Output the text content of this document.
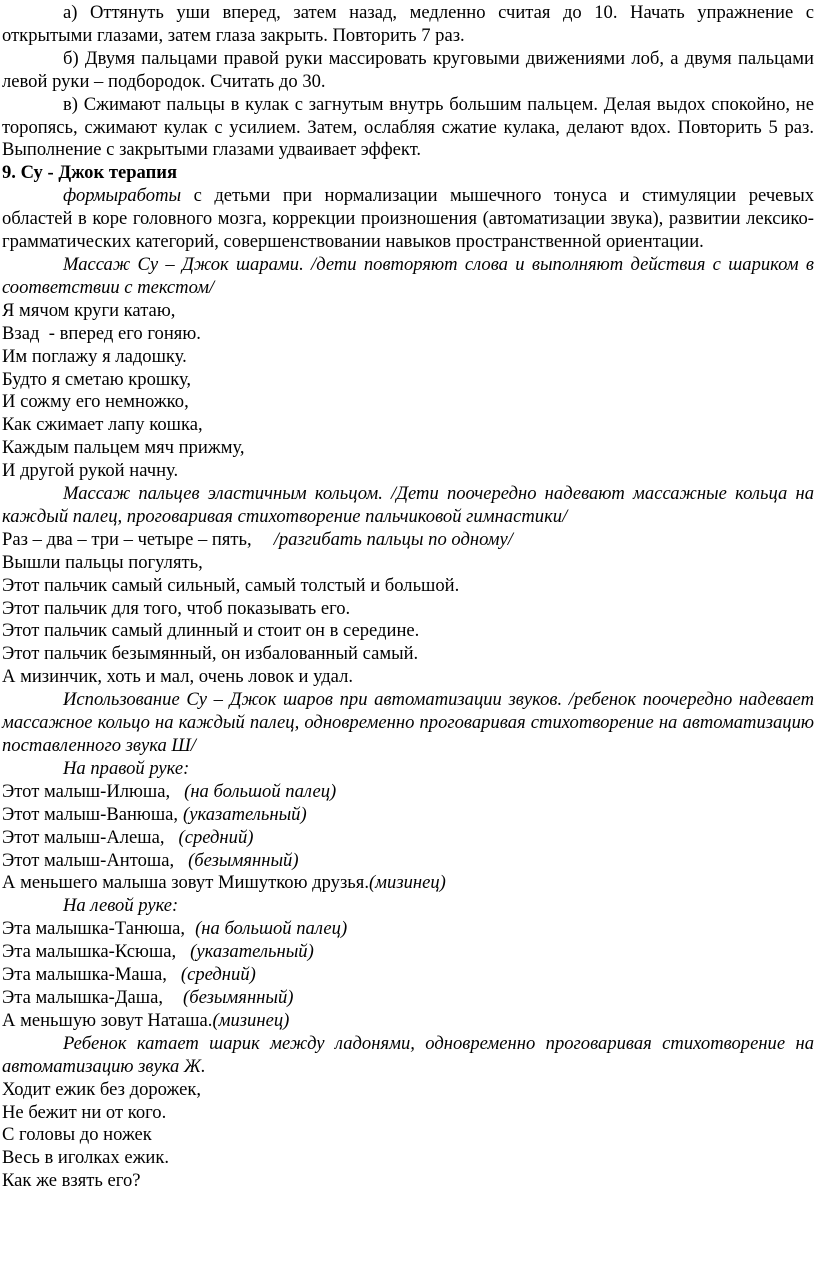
а) Оттянуть уши вперед, затем назад, медленно считая до 10. Начать упражнение с открытыми глазами, затем глаза закрыть. Повторить 7 раз.

б) Двумя пальцами правой руки массировать круговыми движениями лоб, а двумя пальцами левой руки – подбородок. Считать до 30.

в) Сжимают пальцы в кулак с загнутым внутрь большим пальцем. Делая выдох спокойно, не торопясь, сжимают кулак с усилием. Затем, ослабляя сжатие кулака, делают вдох. Повторить 5 раз. Выполнение с закрытыми глазами удваивает эффект.

9. Су - Джок терапия

формыработы с детьми при нормализации мышечного тонуса и стимуляции речевых областей в коре головного мозга, коррекции произношения (автоматизации звука), развитии лексико-грамматических категорий, совершенствовании навыков пространственной ориентации.

Массаж Су – Джок шарами. /дети повторяют слова и выполняют действия с шариком в соответствии с текстом/

Я мячом круги катаю,

Взад  - вперед его гоняю.

Им поглажу я ладошку.

Будто я сметаю крошку,

И сожму его немножко,

Как сжимает лапу кошка,

Каждым пальцем мяч прижму,

И другой рукой начну.

Массаж пальцев эластичным кольцом. /Дети поочередно надевают массажные кольца на каждый палец, проговаривая стихотворение пальчиковой гимнастики/

Раз – два – три – четыре – пять, /разгибать пальцы по одному/

Вышли пальцы погулять,

Этот пальчик самый сильный, самый толстый и большой.

Этот пальчик для того, чтоб показывать его.

Этот пальчик самый длинный и стоит он в середине.

Этот пальчик безымянный, он избалованный самый.

А мизинчик, хоть и мал, очень ловок и удал.

Использование Су – Джок шаров при автоматизации звуков. /ребенок поочередно надевает массажное кольцо на каждый палец, одновременно проговаривая стихотворение на автоматизацию поставленного звука Ш/

На правой руке:

Этот малыш-Илюша, (на большой палец)

Этот малыш-Ванюша, (указательный)

Этот малыш-Алеша, (средний)

Этот малыш-Антоша, (безымянный)

А меньшего малыша зовут Мишуткою друзья.(мизинец)

На левой руке:

Эта малышка-Танюша, (на большой палец)

Эта малышка-Ксюша, (указательный)

Эта малышка-Маша, (средний)

Эта малышка-Даша, (безымянный)

А меньшую зовут Наташа.(мизинец)

Ребенок катает шарик между ладонями, одновременно проговаривая стихотворение на автоматизацию звука Ж.

Ходит ежик без дорожек,

Не бежит ни от кого.

С головы до ножек

Весь в иголках ежик.

Как же взять его?
